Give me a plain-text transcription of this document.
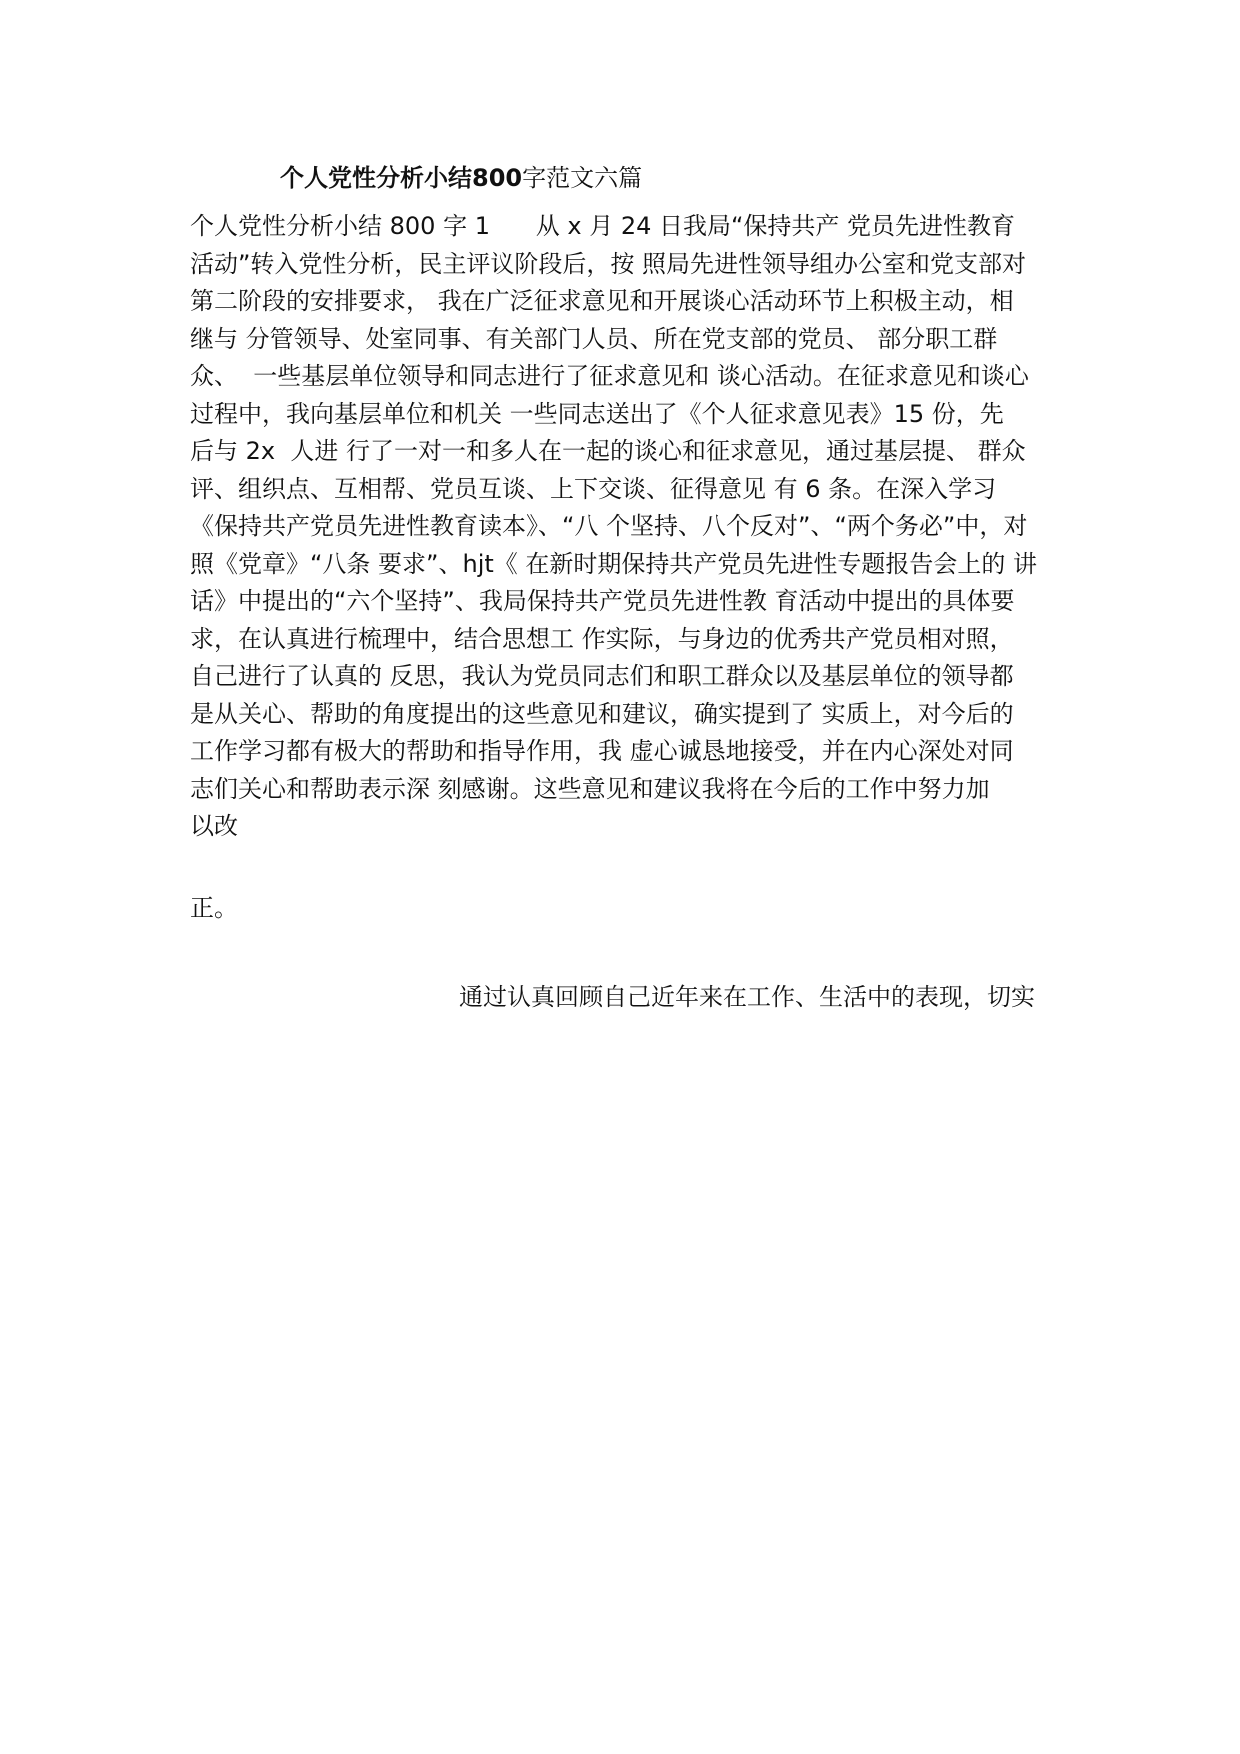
个人党性分析小结800字范文六篇
个人党性分析小结 800 字 1      从 x 月 24 日我局“保持共产 党员先进性教育
活动”转入党性分析，民主评议阶段后，按 照局先进性领导组办公室和党支部对
第二阶段的安排要求， 我在广泛征求意见和开展谈心活动环节上积极主动，相
继与 分管领导、处室同事、有关部门人员、所在党支部的党员、 部分职工群
众、  一些基层单位领导和同志进行了征求意见和 谈心活动。在征求意见和谈心
过程中，我向基层单位和机关 一些同志送出了《个人征求意见表》15 份，先
后与 2x  人进 行了一对一和多人在一起的谈心和征求意见，通过基层提、 群众
评、组织点、互相帮、党员互谈、上下交谈、征得意见 有 6 条。在深入学习
《保持共产党员先进性教育读本》、“八 个坚持、八个反对”、“两个务必”中，对
照《党章》“八条 要求”、hjt《 在新时期保持共产党员先进性专题报告会上的 讲
话》中提出的“六个坚持”、我局保持共产党员先进性教 育活动中提出的具体要
求，在认真进行梳理中，结合思想工 作实际，与身边的优秀共产党员相对照，
自己进行了认真的 反思，我认为党员同志们和职工群众以及基层单位的领导都
是从关心、帮助的角度提出的这些意见和建议，确实提到了 实质上，对今后的
工作学习都有极大的帮助和指导作用，我 虚心诚恳地接受，并在内心深处对同
志们关心和帮助表示深 刻感谢。这些意见和建议我将在今后的工作中努力加
以改
正。
通过认真回顾自己近年来在工作、生活中的表现，切实
